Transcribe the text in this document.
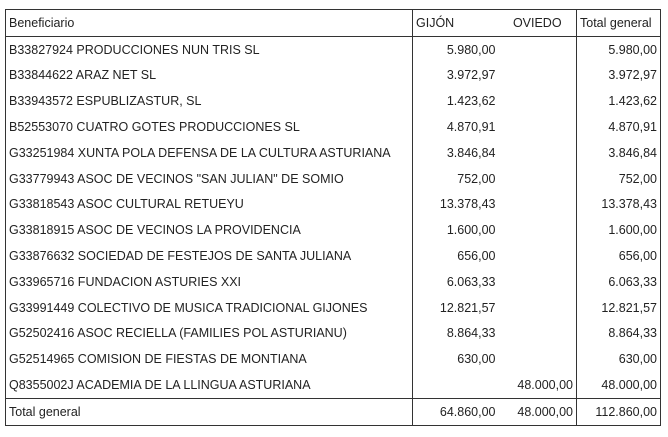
Beneficiario	GIJÓN	OVIEDO	Total general
B33827924 PRODUCCIONES NUN TRIS SL	5.980,00		5.980,00
B33844622 ARAZ NET SL	3.972,97		3.972,97
B33943572 ESPUBLIZASTUR, SL	1.423,62		1.423,62
B52553070 CUATRO GOTES PRODUCCIONES SL	4.870,91		4.870,91
G33251984 XUNTA POLA DEFENSA DE LA CULTURA ASTURIANA	3.846,84		3.846,84
G33779943 ASOC DE VECINOS "SAN JULIAN" DE SOMIO	752,00		752,00
G33818543 ASOC CULTURAL RETUEYU	13.378,43		13.378,43
G33818915 ASOC DE VECINOS LA PROVIDENCIA	1.600,00		1.600,00
G33876632 SOCIEDAD DE FESTEJOS DE SANTA JULIANA	656,00		656,00
G33965716 FUNDACION ASTURIES XXI	6.063,33		6.063,33
G33991449 COLECTIVO DE MUSICA TRADICIONAL GIJONES	12.821,57		12.821,57
G52502416 ASOC RECIELLA (FAMILIES POL ASTURIANU)	8.864,33		8.864,33
G52514965 COMISION DE FIESTAS DE MONTIANA	630,00		630,00
Q8355002J ACADEMIA DE LA LLINGUA ASTURIANA		48.000,00	48.000,00
Total general	64.860,00	48.000,00	112.860,00
